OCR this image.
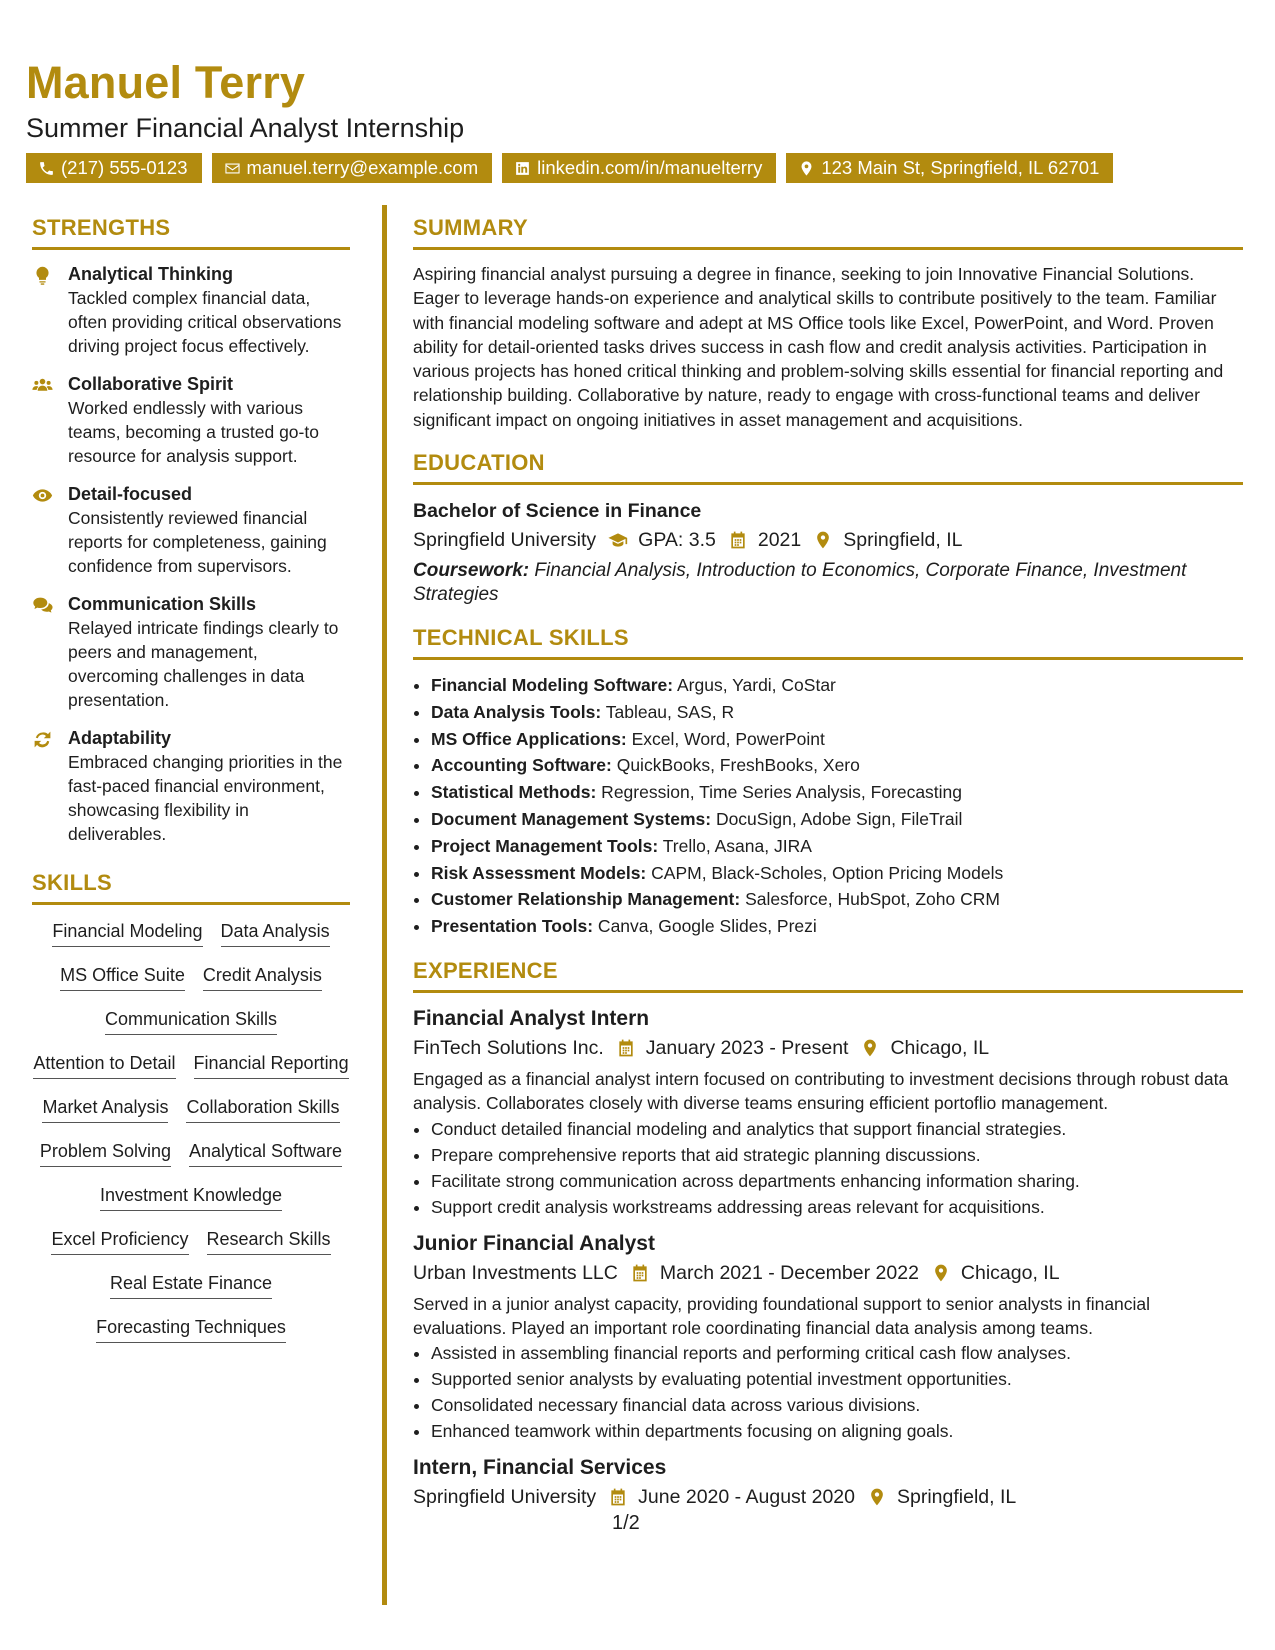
Manuel Terry
Summer Financial Analyst Internship
(217) 555-0123	manuel.terry@example.com	linkedin.com/in/manuelterry	123 Main St, Springfield, IL 62701
STRENGTHS
Analytical Thinking
Tackled complex financial data, often providing critical observations driving project focus effectively.
Collaborative Spirit
Worked endlessly with various teams, becoming a trusted go-to resource for analysis support.
Detail-focused
Consistently reviewed financial reports for completeness, gaining confidence from supervisors.
Communication Skills
Relayed intricate findings clearly to peers and management, overcoming challenges in data presentation.
Adaptability
Embraced changing priorities in the fast-paced financial environment, showcasing flexibility in deliverables.
SKILLS
Financial Modeling Data Analysis
MS Office Suite Credit Analysis
Communication Skills
Attention to Detail Financial Reporting
Market Analysis Collaboration Skills
Problem Solving Analytical Software
Investment Knowledge
Excel Proficiency Research Skills
Real Estate Finance
Forecasting Techniques
SUMMARY

Aspiring financial analyst pursuing a degree in finance, seeking to join Innovative Financial Solutions. Eager to leverage hands-on experience and analytical skills to contribute positively to the team. Familiar with financial modeling software and adept at MS Office tools like Excel, PowerPoint, and Word. Proven ability for detail-oriented tasks drives success in cash flow and credit analysis activities. Participation in various projects has honed critical thinking and problem-solving skills essential for financial reporting and relationship building. Collaborative by nature, ready to engage with cross-functional teams and deliver significant impact on ongoing initiatives in asset management and acquisitions.

EDUCATION
Bachelor of Science in Finance
Springfield University GPA: 3.5 2021 Springfield, IL
Coursework: Financial Analysis, Introduction to Economics, Corporate Finance, Investment Strategies
TECHNICAL SKILLS
• Financial Modeling Software: Argus, Yardi, CoStar
• Data Analysis Tools: Tableau, SAS, R
• MS Office Applications: Excel, Word, PowerPoint
• Accounting Software: QuickBooks, FreshBooks, Xero
• Statistical Methods: Regression, Time Series Analysis, Forecasting
• Document Management Systems: DocuSign, Adobe Sign, FileTrail
• Project Management Tools: Trello, Asana, JIRA
• Risk Assessment Models: CAPM, Black-Scholes, Option Pricing Models
• Customer Relationship Management: Salesforce, HubSpot, Zoho CRM
• Presentation Tools: Canva, Google Slides, Prezi
EXPERIENCE
Financial Analyst Intern
FinTech Solutions Inc. January 2023 - Present Chicago, IL

Engaged as a financial analyst intern focused on contributing to investment decisions through robust data analysis. Collaborates closely with diverse teams ensuring efficient portoflio management.

• Conduct detailed financial modeling and analytics that support financial strategies.
• Prepare comprehensive reports that aid strategic planning discussions.
• Facilitate strong communication across departments enhancing information sharing.
• Support credit analysis workstreams addressing areas relevant for acquisitions.
Junior Financial Analyst
Urban Investments LLC March 2021 - December 2022 Chicago, IL

Served in a junior analyst capacity, providing foundational support to senior analysts in financial evaluations. Played an important role coordinating financial data analysis among teams.

• Assisted in assembling financial reports and performing critical cash flow analyses.
• Supported senior analysts by evaluating potential investment opportunities.
• Consolidated necessary financial data across various divisions.
• Enhanced teamwork within departments focusing on aligning goals.
Intern, Financial Services
Springfield University June 2020 - August 2020 Springfield, IL
1/2
